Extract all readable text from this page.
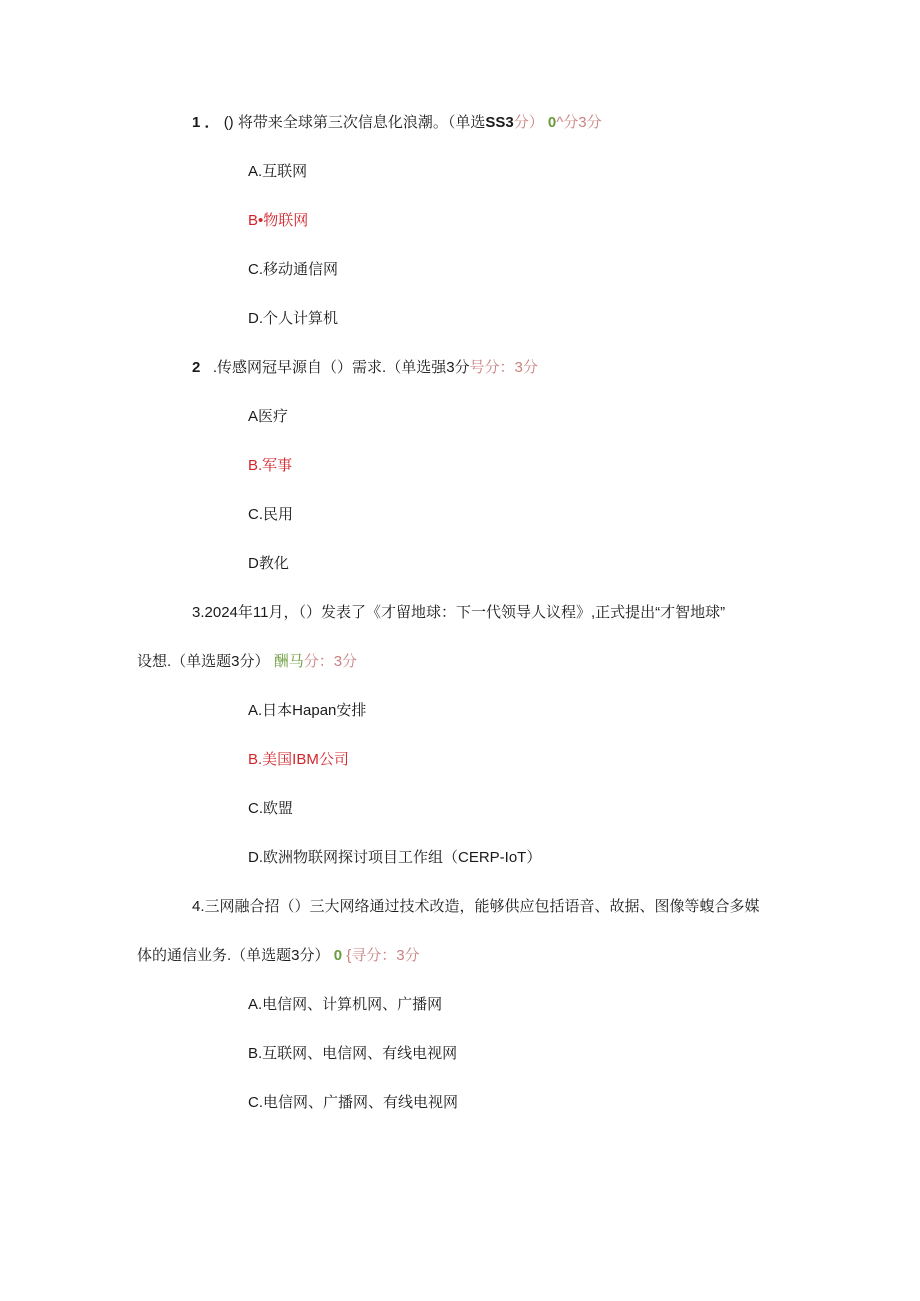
1 ． () 将带来全球第三次信息化浪潮。（单选SS3分） 0^分3分
A.互联网
B•物联网
C.移动通信网
D.个人计算机
2 .传感网冠早源自（）需求.（单选强3分号分：3分
A医疗
B.军事
C.民用
D教化
3.2024年11月，（）发表了《才留地球：下一代领导人议程》,正式提出“才智地球”
设想.（单选题3分） 酬马分：3分
A.日本Hapan安排
B.美国IBM公司
C.欧盟
D.欧洲物联网探讨项目工作组（CERP-IoT）
4.三网融合招（）三大网络通过技术改造，能够供应包括语音、故据、图像等蝮合多媒
体的通信业务.（单选题3分） 0 {寻分：3分
A.电信网、计算机网、广播网
B.互联网、电信网、有线电视网
C.电信网、广播网、有线电视网
